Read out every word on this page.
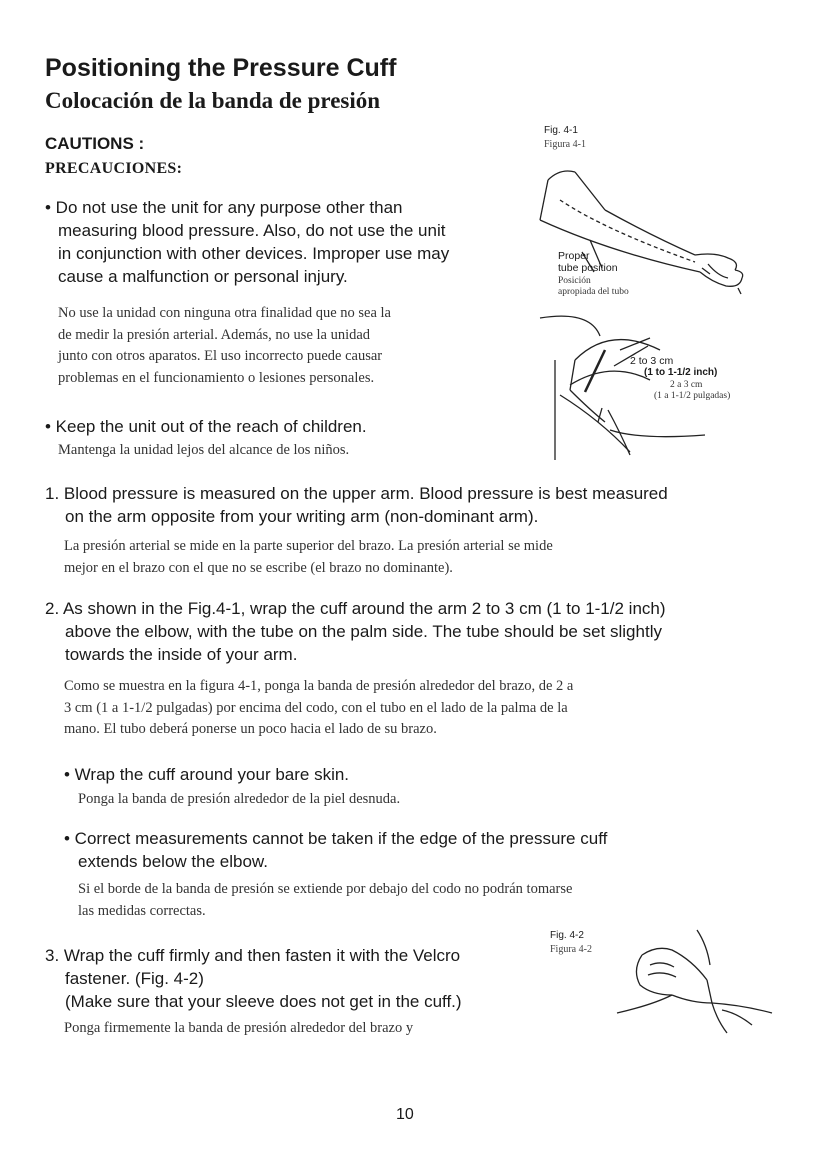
Positioning the Pressure Cuff
Colocación de la banda de presión
CAUTIONS :
PRECAUCIONES:
• Do not use the unit for any purpose other than
measuring blood pressure. Also, do not use the unit
in conjunction with other devices. Improper use may
cause a malfunction or personal injury.
No use la unidad con ninguna otra finalidad que no sea la
de medir la presión arterial. Además, no use la unidad
junto con otros aparatos. El uso incorrecto puede causar
problemas en el funcionamiento o lesiones personales.
• Keep the unit out of the reach of children.
Mantenga la unidad lejos del alcance de los niños.
Fig. 4-1
Figura 4-1
Proper
tube position
Posición
apropiada del tubo
2 to 3 cm
(1 to 1-1/2 inch)
2 a 3 cm
(1 a 1-1/2 pulgadas)
1. Blood pressure is measured on the upper arm. Blood pressure is best measured
on the arm opposite from your writing arm (non-dominant arm).
La presión arterial se mide en la parte superior del brazo. La presión arterial se mide
mejor en el brazo con el que no se escribe (el brazo no dominante).
2. As shown in the Fig.4-1, wrap the cuff around the arm 2 to 3 cm (1 to 1-1/2 inch)
above the elbow, with the tube on the palm side. The tube should be set slightly
towards the inside of your arm.
Como se muestra en la figura 4-1, ponga la banda de presión alrededor del brazo, de 2 a
3 cm (1 a 1-1/2 pulgadas) por encima del codo, con el tubo en el lado de la palma de la
mano. El tubo deberá ponerse un poco hacia el lado de su brazo.
• Wrap the cuff around your bare skin.
Ponga la banda de presión alrededor de la piel desnuda.
• Correct measurements cannot be taken if the edge of the pressure cuff
extends below the elbow.
Si el borde de la banda de presión se extiende por debajo del codo no podrán tomarse
las medidas correctas.
3. Wrap the cuff firmly and then fasten it with the Velcro
fastener. (Fig. 4-2)
(Make sure that your sleeve does not get in the cuff.)
Ponga firmemente la banda de presión alrededor del brazo y
Fig. 4-2
Figura 4-2
10
